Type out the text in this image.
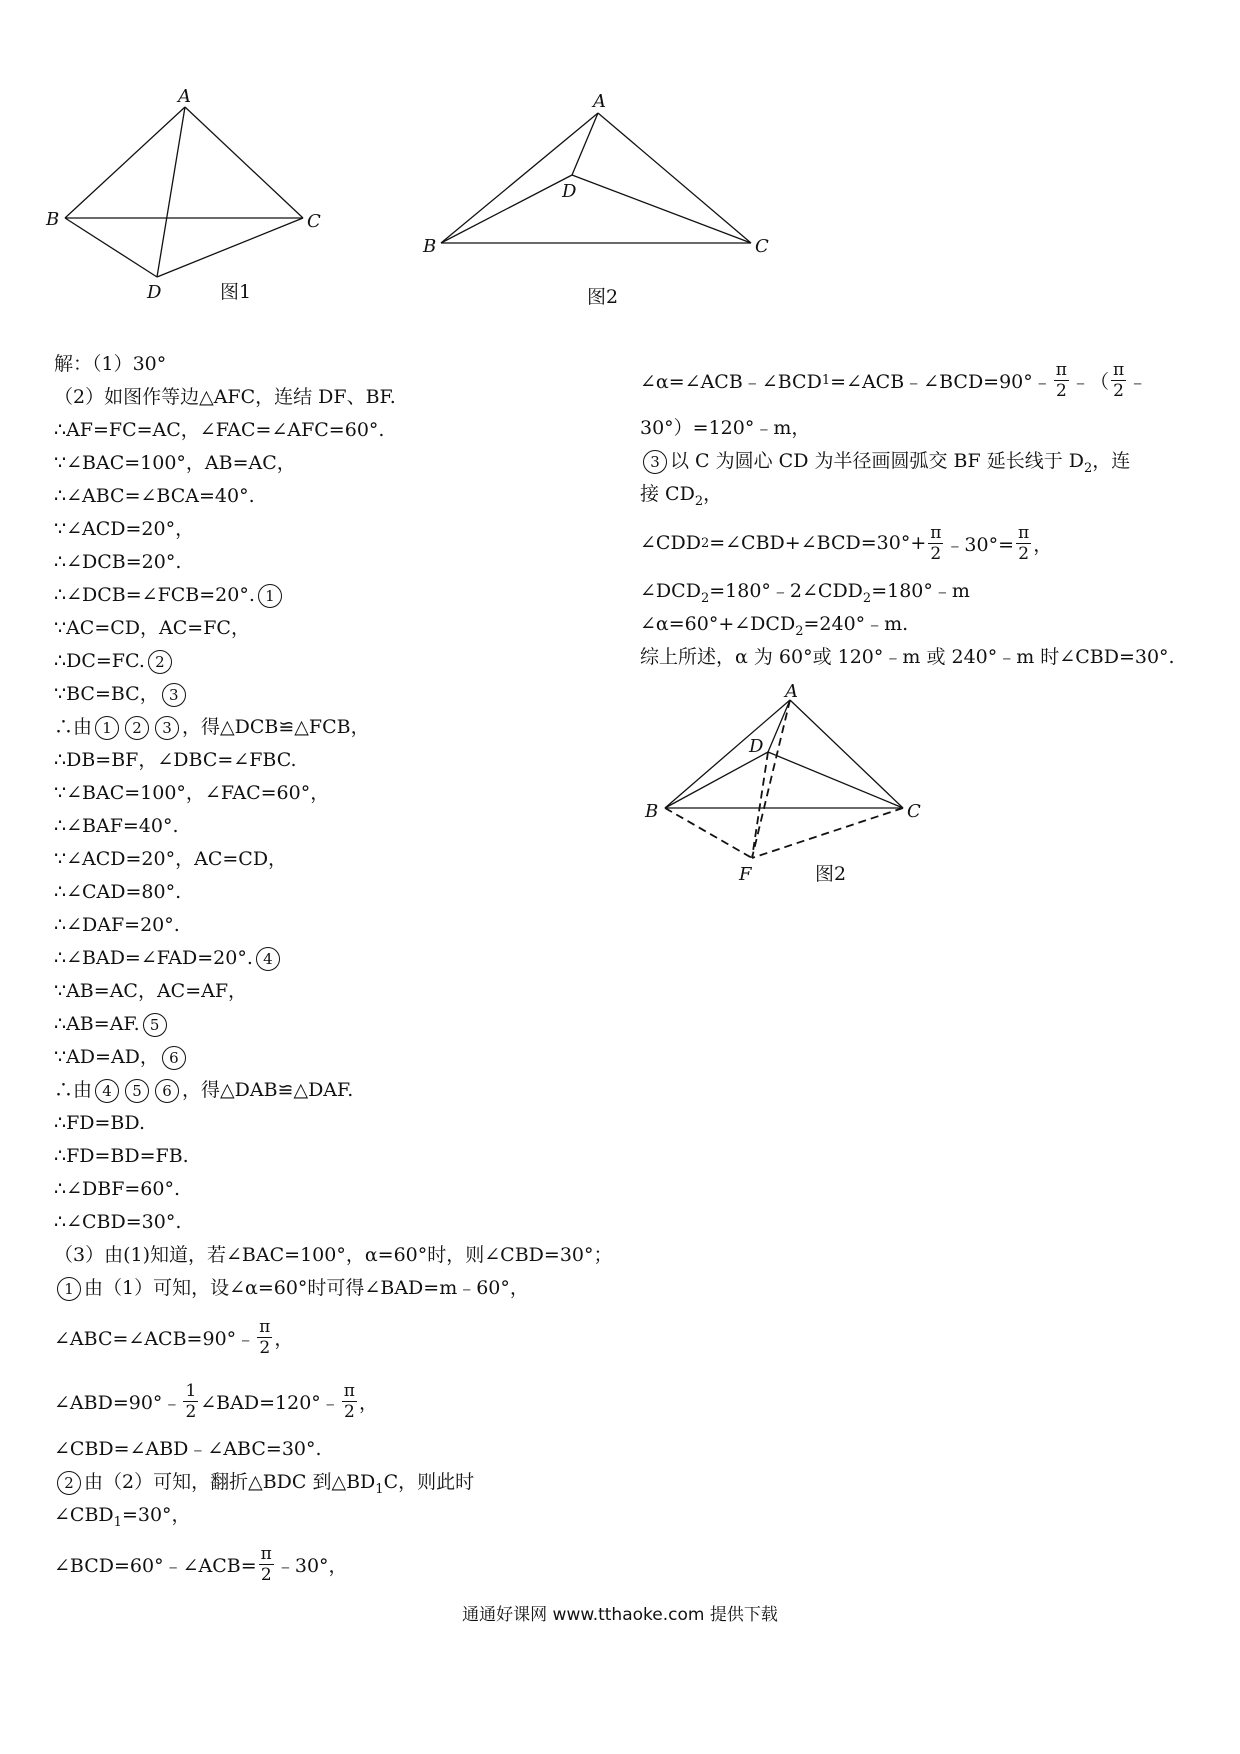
A
B	C
D	图1
A
B	C
D
图2
解：（1）30°
（2）如图作等边△AFC，连结 DF、BF.
∴AF=FC=AC，∠FAC=∠AFC=60°.
∵∠BAC=100°，AB=AC，
∴∠ABC=∠BCA=40°.
∵∠ACD=20°，
∴∠DCB=20°.
∴∠DCB=∠FCB=20°. 1
∵AC=CD，AC=FC，
∴DC=FC. 2
∵BC=BC， 3
∴由 1 2 3 ，得△DCB≌△FCB，
∴DB=BF，∠DBC=∠FBC.
∵∠BAC=100°，∠FAC=60°，
∴∠BAF=40°.
∵∠ACD=20°，AC=CD，
∴∠CAD=80°.
∴∠DAF=20°.
∴∠BAD=∠FAD=20°. 4
∵AB=AC，AC=AF，
∴AB=AF. 5
∵AD=AD， 6
∴由 4 5 6 ，得△DAB≌△DAF.
∴FD=BD.
∴FD=BD=FB.
∴∠DBF=60°.
∴∠CBD=30°.
（3）由(1)知道，若∠BAC=100°，α=60°时，则∠CBD=30°；
1 由（1）可知，设∠α=60°时可得∠BAD=m﹣60°，
∠ABC=∠ACB=90°﹣ $\frac{\pi}{2}$ ，
∠ABD=90°﹣ $\frac{1}{2}$ ∠BAD=120°﹣ $\frac{\pi}{2}$ ，
∠CBD=∠ABD﹣∠ABC=30°.
2 由（2）可知，翻折△BDC 到$\triangle BD_1C$，则此时
$\angle CBD_1=30^\circ$，
∠BCD=60°﹣∠ACB= $\frac{\pi}{2}$ ﹣30°，
∠α=∠ACB﹣∠BCD 1 =∠ACB﹣∠BCD=90°﹣ $\frac{\pi}{2}$ ﹣（ $\frac{\pi}{2}$ ﹣
30°）=120°﹣m，
3 以 C 为圆心 CD 为半径画圆弧交 BF 延长线于 $D_2$，连
接 $CD_2$，
∠CDD 2 =∠CBD+∠BCD=30°+ $\frac{\pi}{2}$ ﹣30°= $\frac{\pi}{2}$ ，
$\angle DCD_2=180^\circ﹣2\angle CDD_2=180^\circ﹣m$
$\angle\alpha=60^\circ+\angle DCD_2=240^\circ﹣m$.
综上所述，α 为 60°或 120°﹣m 或 240°﹣m 时∠CBD=30°.
A
B	C
D
F	图2
通通好课网 www.tthaoke.com 提供下载
